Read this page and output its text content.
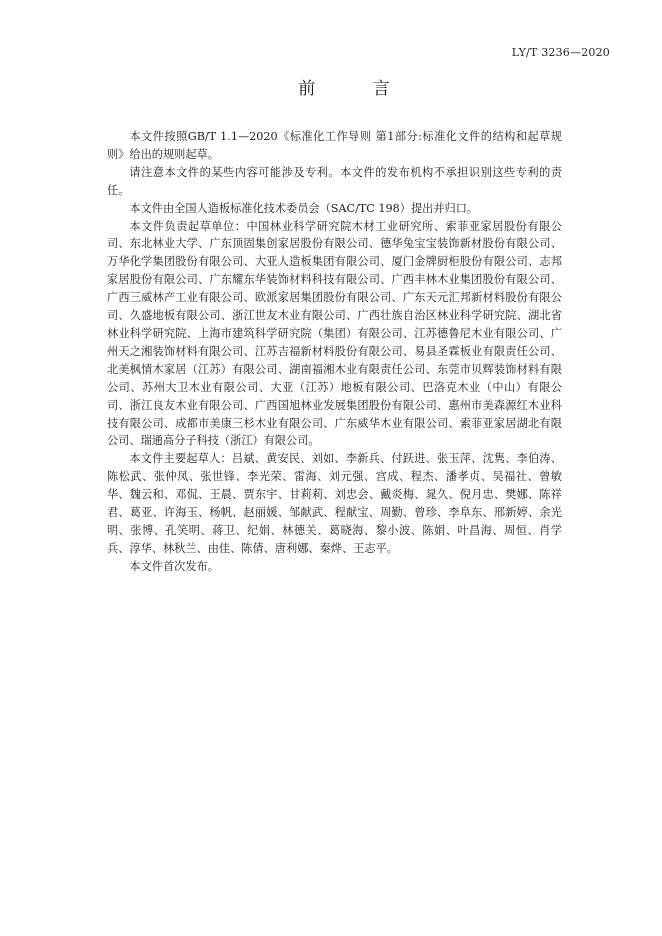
LY/T 3236—2020
前 言

本文件按照GB/T 1.1—2020《标准化工作导则 第1部分:标准化文件的结构和起草规则》给出的规则起草。

请注意本文件的某些内容可能涉及专利。本文件的发布机构不承担识别这些专利的责任。

本文件由全国人造板标准化技术委员会（SAC/TC 198）提出并归口。

本文件负责起草单位：中国林业科学研究院木材工业研究所、索菲亚家居股份有限公司、东北林业大学、广东顶固集创家居股份有限公司、德华兔宝宝装饰新材股份有限公司、万华化学集团股份有限公司、大亚人造板集团有限公司、厦门金牌厨柜股份有限公司、志邦家居股份有限公司、广东耀东华装饰材料科技有限公司、广西丰林木业集团股份有限公司、广西三威林产工业有限公司、欧派家居集团股份有限公司、广东天元汇邦新材料股份有限公司、久盛地板有限公司、浙江世友木业有限公司、广西壮族自治区林业科学研究院、湖北省林业科学研究院、上海市建筑科学研究院（集团）有限公司、江苏德鲁尼木业有限公司、广州天之湘装饰材料有限公司、江苏吉福新材料股份有限公司、易县圣霖板业有限责任公司、北美枫情木家居（江苏）有限公司、湖南福湘木业有限责任公司、东莞市贝辉装饰材料有限公司、苏州大卫木业有限公司、大亚（江苏）地板有限公司、巴洛克木业（中山）有限公司、浙江良友木业有限公司、广西国旭林业发展集团股份有限公司、惠州市美森源红木业科技有限公司、成都市美康三杉木业有限公司、广东威华木业有限公司、索菲亚家居湖北有限公司、瑞通高分子科技（浙江）有限公司。

本文件主要起草人：吕斌、黄安民、刘如、李新兵、付跃进、张玉萍、沈隽、李伯涛、陈松武、张仲凤、张世锋、李光荣、雷海、刘元强、宫成、程杰、潘孝贞、吴福社、曾敏华、魏云和、邓侃、王晨、贾东宇、甘莉莉、刘忠会、戴炎梅、晁久、倪月忠、樊娜、陈祥君、葛亚、许海玉、杨帆、赵丽媛、邹献武、程献宝、周勤、曾珍、李阜东、邢新婷、余光明、张博、孔笑明、蒋卫、纪娟、林德关、葛晓海、黎小波、陈娟、叶昌海、周恒、肖学兵、淳华、林秋兰、由佳、陈倩、唐利娜、秦烨、王志平。

本文件首次发布。
